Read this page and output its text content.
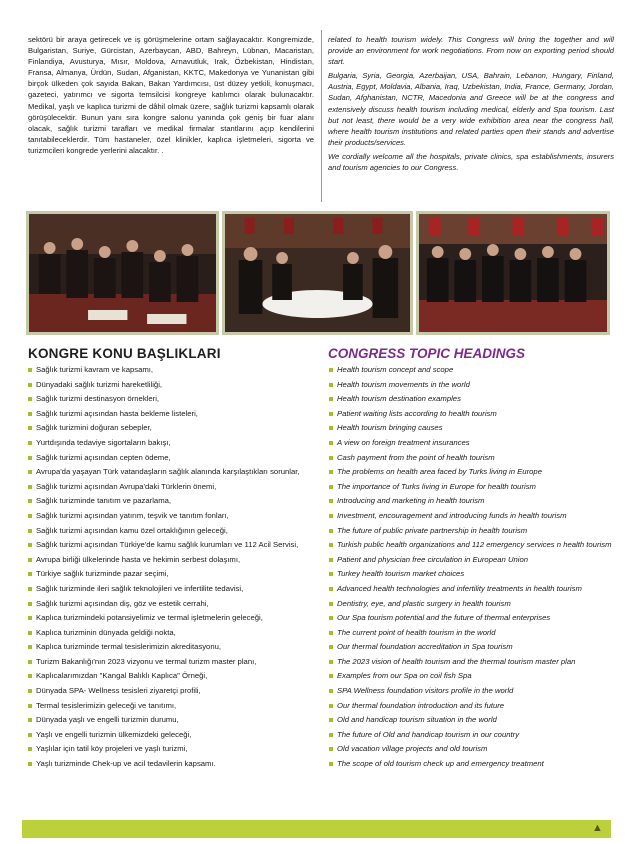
sektörü bir araya getirecek ve iş görüşmelerine ortam sağlayacaktır. Kongremizde, Bulgaristan, Suriye, Gürcistan, Azerbaycan, ABD, Bahreyn, Lübnan, Macaristan, Finlandiya, Avusturya, Mısır, Moldova, Arnavutluk, Irak, Özbekistan, Hindistan, Fransa, Almanya, Ürdün, Sudan, Afganistan, KKTC, Makedonya ve Yunanistan gibi birçok ülkeden çok sayıda Bakan, Bakan Yardımcısı, üst düzey yetkili, konuşmacı, gazeteci, yatırımcı ve sigorta temsilcisi kongreye katılımcı olarak bulunacaktır. Medikal, yaşlı ve kaplıca turizmi de dâhil olmak üzere, sağlık turizmi kapsamlı olarak görüşülecektir. Bunun yanı sıra kongre salonu yanında çok geniş bir fuar alanı olacak, sağlık turizmi tarafları ve medikal firmalar stantlarını açıp kendilerini tanıtabileceklerdir. Tüm hastaneler, özel klinikler, kaplıca işletmeleri, sigorta ve turizmcileri kongrede yerlerini alacaktır. .

related to health tourism widely. This Congress will bring the together and will provide an environment for work negotiations. From now on exporting period should start.

Bulgaria, Syria, Georgia, Azerbaijan, USA, Bahrain, Lebanon, Hungary, Finland, Austria, Egypt, Moldavia, Albania, Iraq, Uzbekistan, India, France, Germany, Jordan, Sudan, Afghanistan, NCTR, Macedonia and Greece will be at the congress and extensively discuss health tourism including medical, elderly and Spa tourism. Last but not least, there would be a very wide exhibition area near the congress hall, where health tourism institutions and related parties open their stands and advertise their products/services.

We cordially welcome all the hospitals, private clinics, spa establishments, insurers and tourism agencies to our Congress.

KONGRE KONU BAŞLIKLARI	CONGRESS TOPIC HEADINGS
Sağlık turizmi kavram ve kapsamı,
Dünyadaki sağlık turizmi hareketliliği,
Sağlık turizmi destinasyon örnekleri,
Sağlık turizmi açısından hasta bekleme listeleri,
Sağlık turizmini doğuran sebepler,
Yurtdışında tedaviye sigortaların bakışı,
Sağlık turizmi açısından cepten ödeme,
Avrupa'da yaşayan Türk vatandaşların sağlık alanında karşılaştıkları sorunlar,
Sağlık turizmi açısından Avrupa'daki Türklerin önemi,
Sağlık turizminde tanıtım ve pazarlama,
Sağlık turizmi açısından yatırım, teşvik ve tanıtım fonları,
Sağlık turizmi açısından kamu özel ortaklığının geleceği,
Sağlık turizmi açısından Türkiye'de kamu sağlık kurumları ve 112 Acil Servisi,
Avrupa birliği ülkelerinde hasta ve hekimin serbest dolaşımı,
Türkiye sağlık turizminde pazar seçimi,
Sağlık turizminde ileri sağlık teknolojileri ve infertilite tedavisi,
Sağlık turizmi açısından diş, göz ve estetik cerrahi,
Kaplıca turizmindeki potansiyelimiz ve termal işletmelerin geleceği,
Kaplıca turizminin dünyada geldiği nokta,
Kaplıca turizminde termal tesislerimizin akreditasyonu,
Turizm Bakanlığı'nın 2023 vizyonu ve termal turizm master planı,
Kaplıcalarımızdan "Kangal Balıklı Kaplıca" Örneği,
Dünyada SPA- Wellness tesisleri ziyaretçi profili,
Termal tesislerimizin geleceği ve tanıtımı,
Dünyada yaşlı ve engelli turizmin durumu,
Yaşlı ve engelli turizmin ülkemizdeki geleceği,
Yaşlılar için tatil köy projeleri ve yaşlı turizmi,
Yaşlı turizminde Chek-up ve acil tedavilerin kapsamı.
Health tourism concept and scope
Health tourism movements in the world
Health tourism destination examples
Patient waiting lists according to health tourism
Health tourism bringing causes
A view on foreign treatment insurances
Cash payment from the point of health tourism
The problems on health area faced by Turks living in Europe
The importance of Turks living in Europe for health tourism
Introducing and marketing in health tourism
Investment, encouragement and introducing funds in health tourism
The future of public private partnership in health tourism
Turkish public health organizations and 112 emergency services n health tourism
Patient and physician free circulation in European Union
Turkey health tourism market choices
Advanced health technologies and infertility treatments in health tourism
Dentistry, eye, and plastic surgery in health tourism
Our Spa tourism potential and the future of thermal enterprises
The current point of health tourism in the world
Our thermal foundation accreditation in Spa tourism
The 2023 vision of health tourism and the thermal tourism master plan
Examples from our Spa on coil fish Spa
SPA Wellness foundation visitors profile in the world
Our thermal foundation introduction and its future
Old and handicap tourism situation in the world
The future of Old and handicap tourism in our country
Old vacation village projects and old tourism
The scope of old tourism check up and emergency treatment
▲
